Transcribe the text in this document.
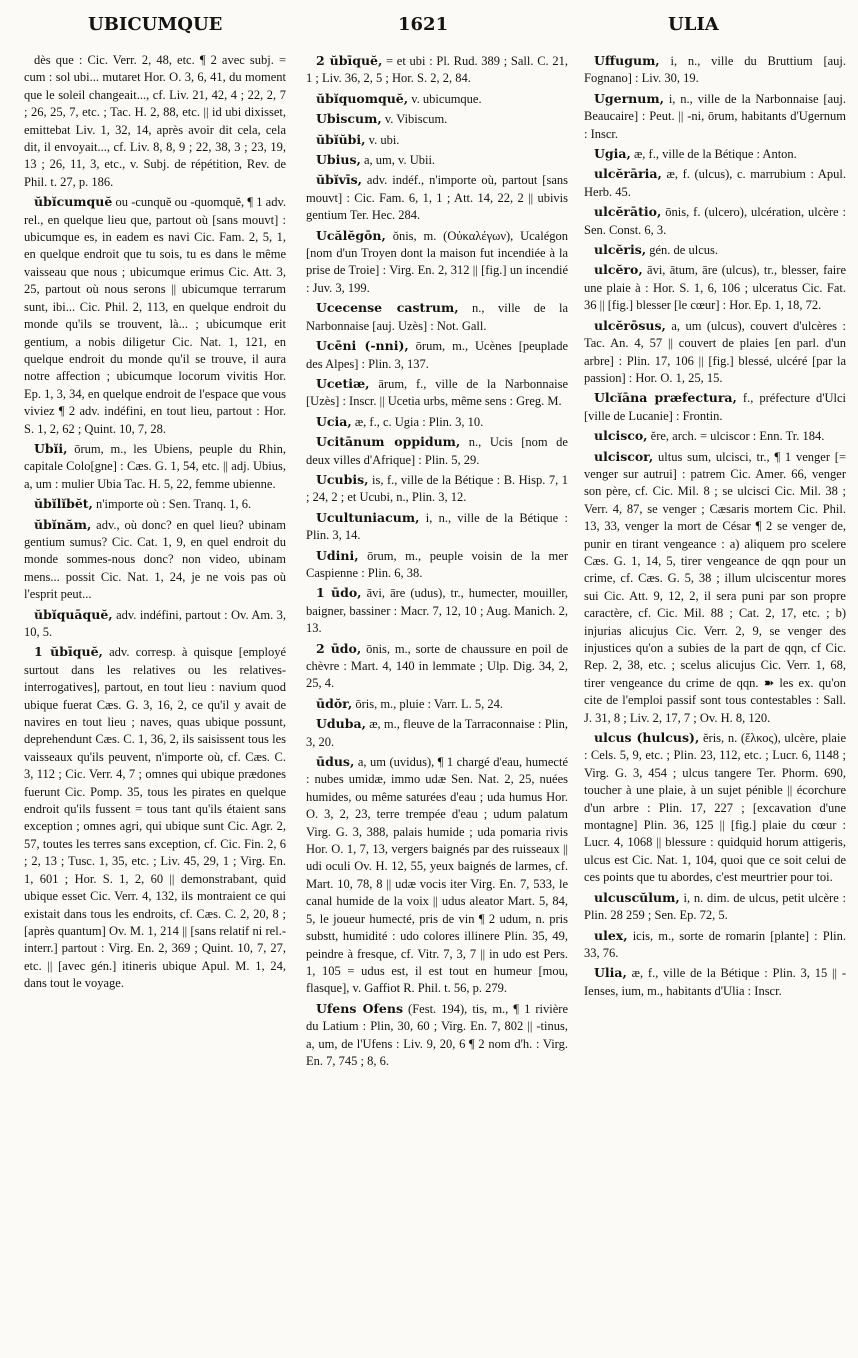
UBICUMQUE	1621	ULIA

dès que : Cic. Verr. 2, 48, etc. ¶ 2 avec subj. = cum : sol ubi... mutaret Hor. O. 3, 6, 41, du moment que le soleil changeait..., cf. Liv. 21, 42, 4 ; 22, 2, 7 ; 26, 25, 7, etc. ; Tac. H. 2, 88, etc. || id ubi dixisset, emittebat Liv. 1, 32, 14, après avoir dit cela, cela dit, il envoyait..., cf. Liv. 8, 8, 9 ; 22, 38, 3 ; 23, 19, 13 ; 26, 11, 3, etc., v. Subj. de répétition, Rev. de Phil. t. 27, p. 186.

ŭbĭcumquĕ ou -cunquĕ ou -quomquĕ, ¶ 1 adv. rel., en quelque lieu que, partout où [sans mouvt] : ubicumque es, in eadem es navi Cic. Fam. 2, 5, 1, en quelque endroit que tu sois, tu es dans le même vaisseau que nous ; ubicumque erimus Cic. Att. 3, 25, partout où nous serons || ubicumque terrarum sunt, ibi... Cic. Phil. 2, 113, en quelque endroit du monde qu'ils se trouvent, là... ; ubicumque erit gentium, a nobis diligetur Cic. Nat. 1, 121, en quelque endroit du monde qu'il se trouve, il aura notre affection ; ubicumque locorum vivitis Hor. Ep. 1, 3, 34, en quelque endroit de l'espace que vous viviez ¶ 2 adv. indéfini, en tout lieu, partout : Hor. S. 1, 2, 62 ; Quint. 10, 7, 28.

Ubĭi, ōrum, m., les Ubiens, peuple du Rhin, capitale Colo[gne] : Cæs. G. 1, 54, etc. || adj. Ubius, a, um : mulier Ubia Tac. H. 5, 22, femme ubienne.

ŭbĭlĭbĕt, n'importe où : Sen. Tranq. 1, 6.

ŭbĭnăm, adv., où donc? en quel lieu? ubinam gentium sumus? Cic. Cat. 1, 9, en quel endroit du monde sommes-nous donc? non video, ubinam mens... possit Cic. Nat. 1, 24, je ne vois pas où l'esprit peut...

ŭbĭquāquĕ, adv. indéfini, partout : Ov. Am. 3, 10, 5.

1 ŭbīquĕ, adv. corresp. à quisque [employé surtout dans les relatives ou les relatives-interrogatives], partout, en tout lieu : navium quod ubique fuerat Cæs. G. 3, 16, 2, ce qu'il y avait de navires en tout lieu ; naves, quas ubique possunt, deprehendunt Cæs. C. 1, 36, 2, ils saisissent tous les vaisseaux qu'ils peuvent, n'importe où, cf. Cæs. C. 3, 112 ; Cic. Verr. 4, 7 ; omnes qui ubique prædones fuerunt Cic. Pomp. 35, tous les pirates en quelque endroit qu'ils fussent = tous tant qu'ils étaient sans exception ; omnes agri, qui ubique sunt Cic. Agr. 2, 57, toutes les terres sans exception, cf. Cic. Fin. 2, 6 ; 2, 13 ; Tusc. 1, 35, etc. ; Liv. 45, 29, 1 ; Virg. En. 1, 601 ; Hor. S. 1, 2, 60 || demonstrabant, quid ubique esset Cic. Verr. 4, 132, ils montraient ce qui existait dans tous les endroits, cf. Cæs. C. 2, 20, 8 ; [après quantum] Ov. M. 1, 214 || [sans relatif ni rel.-interr.] partout : Virg. En. 2, 369 ; Quint. 10, 7, 27, etc. || [avec gén.] itineris ubique Apul. M. 1, 24, dans tout le voyage.

2 ŭbīquĕ, = et ubi : Pl. Rud. 389 ; Sall. C. 21, 1 ; Liv. 36, 2, 5 ; Hor. S. 2, 2, 84.

ŭbĭquomquĕ, v. ubicumque.

Ubiscum, v. Vibiscum.

ŭbĭŭbi, v. ubi.

Ubius, a, um, v. Ubii.

ŭbĭvīs, adv. indéf., n'importe où, partout [sans mouvt] : Cic. Fam. 6, 1, 1 ; Att. 14, 22, 2 || ubivis gentium Ter. Hec. 284.

Ucălĕgōn, ŏnis, m. (Οὐκαλέγων), Ucalégon [nom d'un Troyen dont la maison fut incendiée à la prise de Troie] : Virg. En. 2, 312 || [fig.] un incendié : Juv. 3, 199.

Ucecense castrum, n., ville de la Narbonnaise [auj. Uzès] : Not. Gall.

Ucēni (-nni), ōrum, m., Ucènes [peuplade des Alpes] : Plin. 3, 137.

Ucetiæ, ārum, f., ville de la Narbonnaise [Uzès] : Inscr. || Ucetia urbs, même sens : Greg. M.

Ucia, æ, f., c. Ugia : Plin. 3, 10.

Ucitānum oppidum, n., Ucis [nom de deux villes d'Afrique] : Plin. 5, 29.

Ucubis, is, f., ville de la Bétique : B. Hisp. 7, 1 ; 24, 2 ; et Ucubi, n., Plin. 3, 12.

Ucultuniacum, i, n., ville de la Bétique : Plin. 3, 14.

Udini, ōrum, m., peuple voisin de la mer Caspienne : Plin. 6, 38.

1 ūdo, āvi, āre (udus), tr., humecter, mouiller, baigner, bassiner : Macr. 7, 12, 10 ; Aug. Manich. 2, 13.

2 ūdo, ōnis, m., sorte de chaussure en poil de chèvre : Mart. 4, 140 in lemmate ; Ulp. Dig. 34, 2, 25, 4.

ūdŏr, ōris, m., pluie : Varr. L. 5, 24.

Uduba, æ, m., fleuve de la Tarraconnaise : Plin, 3, 20.

ūdus, a, um (uvidus), ¶ 1 chargé d'eau, humecté : nubes umidæ, immo udæ Sen. Nat. 2, 25, nuées humides, ou même saturées d'eau ; uda humus Hor. O. 3, 2, 23, terre trempée d'eau ; udum palatum Virg. G. 3, 388, palais humide ; uda pomaria rivis Hor. O. 1, 7, 13, vergers baignés par des ruisseaux || udi oculi Ov. H. 12, 55, yeux baignés de larmes, cf. Mart. 10, 78, 8 || udæ vocis iter Virg. En. 7, 533, le canal humide de la voix || udus aleator Mart. 5, 84, 5, le joueur humecté, pris de vin ¶ 2 udum, n. pris substt, humidité : udo colores illinere Plin. 35, 49, peindre à fresque, cf. Vitr. 7, 3, 7 || in udo est Pers. 1, 105 = udus est, il est tout en humeur [mou, flasque], v. Gaffiot R. Phil. t. 56, p. 279.

Ufens Ofens (Fest. 194), tis, m., ¶ 1 rivière du Latium : Plin, 30, 60 ; Virg. En. 7, 802 || -tinus, a, um, de l'Ufens : Liv. 9, 20, 6 ¶ 2 nom d'h. : Virg. En. 7, 745 ; 8, 6.

Uffugum, i, n., ville du Bruttium [auj. Fognano] : Liv. 30, 19.

Ugernum, i, n., ville de la Narbonnaise [auj. Beaucaire] : Peut. || -ni, ōrum, habitants d'Ugernum : Inscr.

Ugia, æ, f., ville de la Bétique : Anton.

ulcĕrāria, æ, f. (ulcus), c. marrubium : Apul. Herb. 45.

ulcĕrātio, ōnis, f. (ulcero), ulcération, ulcère : Sen. Const. 6, 3.

ulcĕris, gén. de ulcus.

ulcĕro, āvi, ātum, āre (ulcus), tr., blesser, faire une plaie à : Hor. S. 1, 6, 106 ; ulceratus Cic. Fat. 36 || [fig.] blesser [le cœur] : Hor. Ep. 1, 18, 72.

ulcĕrōsus, a, um (ulcus), couvert d'ulcères : Tac. An. 4, 57 || couvert de plaies [en parl. d'un arbre] : Plin. 17, 106 || [fig.] blessé, ulcéré [par la passion] : Hor. O. 1, 25, 15.

Ulcĭāna præfectura, f., préfecture d'Ulci [ville de Lucanie] : Frontin.

ulcisco, ĕre, arch. = ulciscor : Enn. Tr. 184.

ulciscor, ultus sum, ulcisci, tr., ¶ 1 venger [= venger sur autrui] : patrem Cic. Amer. 66, venger son père, cf. Cic. Mil. 8 ; se ulcisci Cic. Mil. 38 ; Verr. 4, 87, se venger ; Cæsaris mortem Cic. Phil. 13, 33, venger la mort de César ¶ 2 se venger de, punir en tirant vengeance : a) aliquem pro scelere Cæs. G. 1, 14, 5, tirer vengeance de qqn pour un crime, cf. Cæs. G. 5, 38 ; illum ulciscentur mores sui Cic. Att. 9, 12, 2, il sera puni par son propre caractère, cf. Cic. Mil. 88 ; Cat. 2, 17, etc. ; b) injurias alicujus Cic. Verr. 2, 9, se venger des injustices qu'on a subies de la part de qqn, cf Cic. Rep. 2, 38, etc. ; scelus alicujus Cic. Verr. 1, 68, tirer vengeance du crime de qqn. ➽ les ex. qu'on cite de l'emploi passif sont tous contestables : Sall. J. 31, 8 ; Liv. 2, 17, 7 ; Ov. H. 8, 120.

ulcus (hulcus), ĕris, n. (ἕλκος), ulcère, plaie : Cels. 5, 9, etc. ; Plin. 23, 112, etc. ; Lucr. 6, 1148 ; Virg. G. 3, 454 ; ulcus tangere Ter. Phorm. 690, toucher à une plaie, à un sujet pénible || écorchure d'un arbre : Plin. 17, 227 ; [excavation d'une montagne] Plin. 36, 125 || [fig.] plaie du cœur : Lucr. 4, 1068 || blessure : quidquid horum attigeris, ulcus est Cic. Nat. 1, 104, quoi que ce soit celui de ces points que tu abordes, c'est meurtrier pour toi.

ulcuscŭlum, i, n. dim. de ulcus, petit ulcère : Plin. 28 259 ; Sen. Ep. 72, 5.

ulex, icis, m., sorte de romarin [plante] : Plin. 33, 76.

Ulia, æ, f., ville de la Bétique : Plin. 3, 15 || -Ienses, ium, m., habitants d'Ulia : Inscr.
